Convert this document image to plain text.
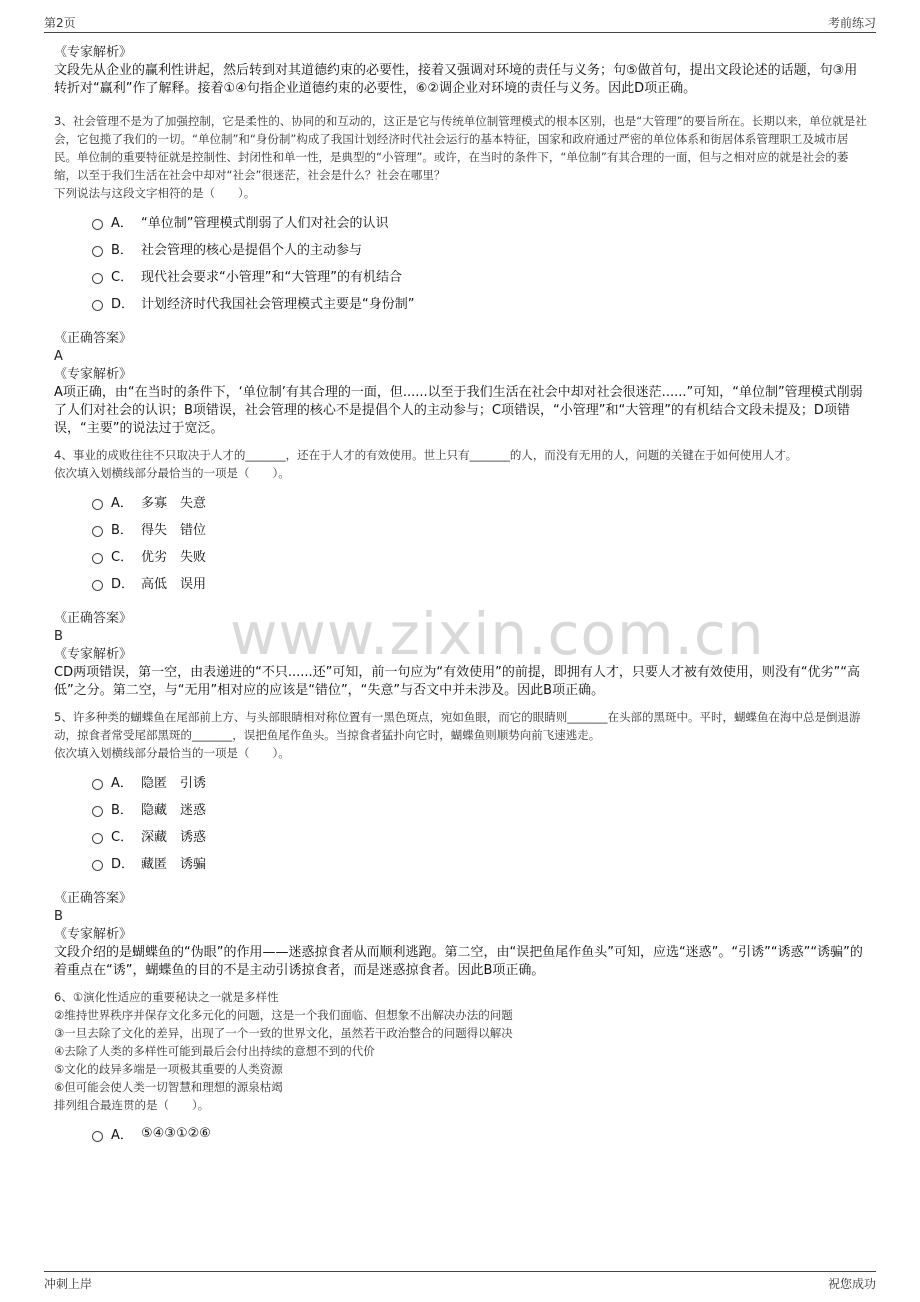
第2页	考前练习
www.zixin.com.cn
《专家解析》
文段先从企业的赢利性讲起，然后转到对其道德约束的必要性，接着又强调对环境的责任与义务；句⑤做首句，提出文段论述的话题，句③用转折对“赢利”作了解释。接着①④句指企业道德约束的必要性，⑥②调企业对环境的责任与义务。因此D项正确。
3、社会管理不是为了加强控制，它是柔性的、协同的和互动的，这正是它与传统单位制管理模式的根本区别，也是“大管理”的要旨所在。长期以来，单位就是社会，它包揽了我们的一切。“单位制”和“身份制”构成了我国计划经济时代社会运行的基本特征，国家和政府通过严密的单位体系和街居体系管理职工及城市居民。单位制的重要特征就是控制性、封闭性和单一性，是典型的“小管理”。或许，在当时的条件下，“单位制”有其合理的一面，但与之相对应的就是社会的萎缩，以至于我们生活在社会中却对“社会”很迷茫，社会是什么？社会在哪里？
下列说法与这段文字相符的是（　　）。
A． “单位制”管理模式削弱了人们对社会的认识
B． 社会管理的核心是提倡个人的主动参与
C． 现代社会要求“小管理”和“大管理”的有机结合
D． 计划经济时代我国社会管理模式主要是“身份制”
《正确答案》
A
《专家解析》
A项正确，由“在当时的条件下，‘单位制’有其合理的一面，但......以至于我们生活在社会中却对社会很迷茫......”可知，“单位制”管理模式削弱了人们对社会的认识；B项错误，社会管理的核心不是提倡个人的主动参与；C项错误，“小管理”和“大管理”的有机结合文段未提及；D项错误，“主要”的说法过于宽泛。
4、事业的成败往往不只取决于人才的_______，还在于人才的有效使用。世上只有_______的人，而没有无用的人，问题的关键在于如何使用人才。
依次填入划横线部分最恰当的一项是（　　）。
A． 多寡　失意
B． 得失　错位
C． 优劣　失败
D． 高低　误用
《正确答案》
B
《专家解析》
CD两项错误，第一空，由表递进的“不只......还”可知，前一句应为“有效使用”的前提，即拥有人才，只要人才被有效使用，则没有“优劣”“高低”之分。第二空，与“无用”相对应的应该是“错位”，“失意”与否文中并未涉及。因此B项正确。
5、许多种类的蝴蝶鱼在尾部前上方、与头部眼睛相对称位置有一黑色斑点，宛如鱼眼，而它的眼睛则_______在头部的黑斑中。平时，蝴蝶鱼在海中总是倒退游动，掠食者常受尾部黑斑的_______，误把鱼尾作鱼头。当掠食者猛扑向它时，蝴蝶鱼则顺势向前飞速逃走。
依次填入划横线部分最恰当的一项是（　　）。
A． 隐匿　引诱
B． 隐藏　迷惑
C． 深藏　诱惑
D． 藏匿　诱骗
《正确答案》
B
《专家解析》
文段介绍的是蝴蝶鱼的“伪眼”的作用——迷惑掠食者从而顺利逃跑。第二空，由“误把鱼尾作鱼头”可知，应选“迷惑”。“引诱”“诱惑”“诱骗”的着重点在“诱”，蝴蝶鱼的目的不是主动引诱掠食者，而是迷惑掠食者。因此B项正确。
6、①演化性适应的重要秘诀之一就是多样性
②维持世界秩序并保存文化多元化的问题，这是一个我们面临、但想象不出解决办法的问题
③一旦去除了文化的差异，出现了一个一致的世界文化，虽然若干政治整合的问题得以解决
④去除了人类的多样性可能到最后会付出持续的意想不到的代价
⑤文化的歧异多端是一项极其重要的人类资源
⑥但可能会使人类一切智慧和理想的源泉枯竭
排列组合最连贯的是（　　）。
A． ⑤④③①②⑥
冲刺上岸	祝您成功
